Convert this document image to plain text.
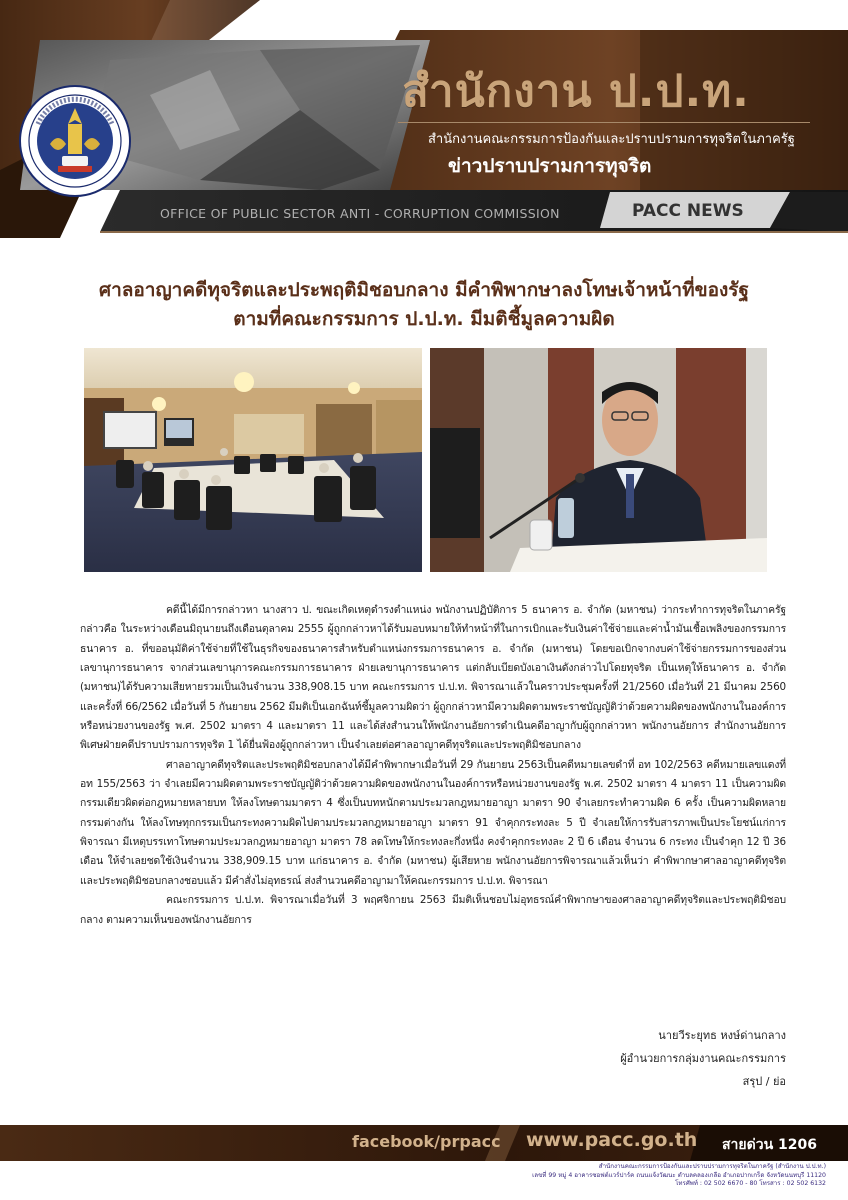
สำนักงาน ป.ป.ท.
สำนักงานคณะกรรมการป้องกันและปราบปรามการทุจริตในภาครัฐ
ข่าวปราบปรามการทุจริต
OFFICE OF PUBLIC SECTOR ANTI - CORRUPTION COMMISSION	PACC NEWS
ศาลอาญาคดีทุจริตและประพฤติมิชอบกลาง มีคำพิพากษาลงโทษเจ้าหน้าที่ของรัฐ
ตามที่คณะกรรมการ ป.ป.ท. มีมติชี้มูลความผิด

คดีนี้ได้มีการกล่าวหา นางสาว ป. ขณะเกิดเหตุดำรงตำแหน่ง พนักงานปฏิบัติการ 5 ธนาคาร อ. จำกัด (มหาชน) ว่ากระทำการทุจริตในภาครัฐ กล่าวคือ ในระหว่างเดือนมิถุนายนถึงเดือนตุลาคม 2555 ผู้ถูกกล่าวหาได้รับมอบหมายให้ทำหน้าที่ในการเบิกและรับเงินค่าใช้จ่ายและค่าน้ำมันเชื้อเพลิงของกรรมการธนาคาร อ. ที่ขออนุมัติค่าใช้จ่ายที่ใช้ในธุรกิจของธนาคารสำหรับตำแหน่งกรรมการธนาคาร อ. จำกัด (มหาชน) โดยขอเบิกจากงบค่าใช้จ่ายกรรมการของส่วนเลขานุการธนาคาร จากส่วนเลขานุการคณะกรรมการธนาคาร ฝ่ายเลขานุการธนาคาร แต่กลับเบียดบังเอาเงินดังกล่าวไปโดยทุจริต เป็นเหตุให้ธนาคาร อ. จำกัด (มหาชน)ได้รับความเสียหายรวมเป็นเงินจำนวน 338,908.15 บาท คณะกรรมการ ป.ป.ท. พิจารณาแล้วในคราวประชุมครั้งที่ 21/2560 เมื่อวันที่ 21 มีนาคม 2560 และครั้งที่ 66/2562 เมื่อวันที่ 5 กันยายน 2562 มีมติเป็นเอกฉันท์ชี้มูลความผิดว่า ผู้ถูกกล่าวหามีความผิดตามพระราชบัญญัติว่าด้วยความผิดของพนักงานในองค์การหรือหน่วยงานของรัฐ พ.ศ. 2502 มาตรา 4 และมาตรา 11 และได้ส่งสำนวนให้พนักงานอัยการดำเนินคดีอาญากับผู้ถูกกล่าวหา พนักงานอัยการ สำนักงานอัยการพิเศษฝ่ายคดีปราบปรามการทุจริต 1 ได้ยื่นฟ้องผู้ถูกกล่าวหา เป็นจำเลยต่อศาลอาญาคดีทุจริตและประพฤติมิชอบกลาง

ศาลอาญาคดีทุจริตและประพฤติมิชอบกลางได้มีคำพิพากษาเมื่อวันที่ 29 กันยายน 2563เป็นคดีหมายเลขดำที่ อท 102/2563 คดีหมายเลขแดงที่ อท 155/2563 ว่า จำเลยมีความผิดตามพระราชบัญญัติว่าด้วยความผิดของพนักงานในองค์การหรือหน่วยงานของรัฐ พ.ศ. 2502 มาตรา 4 มาตรา 11 เป็นความผิดกรรมเดียวผิดต่อกฎหมายหลายบท ให้ลงโทษตามมาตรา 4 ซึ่งเป็นบทหนักตามประมวลกฎหมายอาญา มาตรา 90 จำเลยกระทำความผิด 6 ครั้ง เป็นความผิดหลายกรรมต่างกัน ให้ลงโทษทุกกรรมเป็นกระทงความผิดไปตามประมวลกฎหมายอาญา มาตรา 91 จำคุกกระทงละ 5 ปี จำเลยให้การรับสารภาพเป็นประโยชน์แก่การพิจารณา มีเหตุบรรเทาโทษตามประมวลกฎหมายอาญา มาตรา 78 ลดโทษให้กระทงละกึ่งหนึ่ง คงจำคุกกระทงละ 2 ปี 6 เดือน จำนวน 6 กระทง เป็นจำคุก 12 ปี 36 เดือน ให้จำเลยชดใช้เงินจำนวน 338,909.15 บาท แก่ธนาคาร อ. จำกัด (มหาชน) ผู้เสียหาย พนักงานอัยการพิจารณาแล้วเห็นว่า คำพิพากษาศาลอาญาคดีทุจริตและประพฤติมิชอบกลางชอบแล้ว มีคำสั่งไม่อุทธรณ์ ส่งสำนวนคดีอาญามาให้คณะกรรมการ ป.ป.ท. พิจารณา

คณะกรรมการ ป.ป.ท. พิจารณาเมื่อวันที่ 3 พฤศจิกายน 2563 มีมติเห็นชอบไม่อุทธรณ์คำพิพากษาของศาลอาญาคดีทุจริตและประพฤติมิชอบกลาง ตามความเห็นของพนักงานอัยการ

นายวีระยุทธ หงษ์ด่านกลาง
ผู้อำนวยการกลุ่มงานคณะกรรมการ
สรุป / ย่อ
facebook/prpacc www.pacc.go.th สายด่วน 1206
สำนักงานคณะกรรมการป้องกันและปราบปรามการทุจริตในภาครัฐ (สำนักงาน ป.ป.ท.)
เลขที่ 99 หมู่ 4 อาคารซอฟต์แวร์ปาร์ค ถนนแจ้งวัฒนะ ตำบลคลองเกลือ อำเภอปากเกร็ด จังหวัดนนทบุรี 11120
โทรศัพท์ : 02 502 6670 - 80 โทรสาร : 02 502 6132
